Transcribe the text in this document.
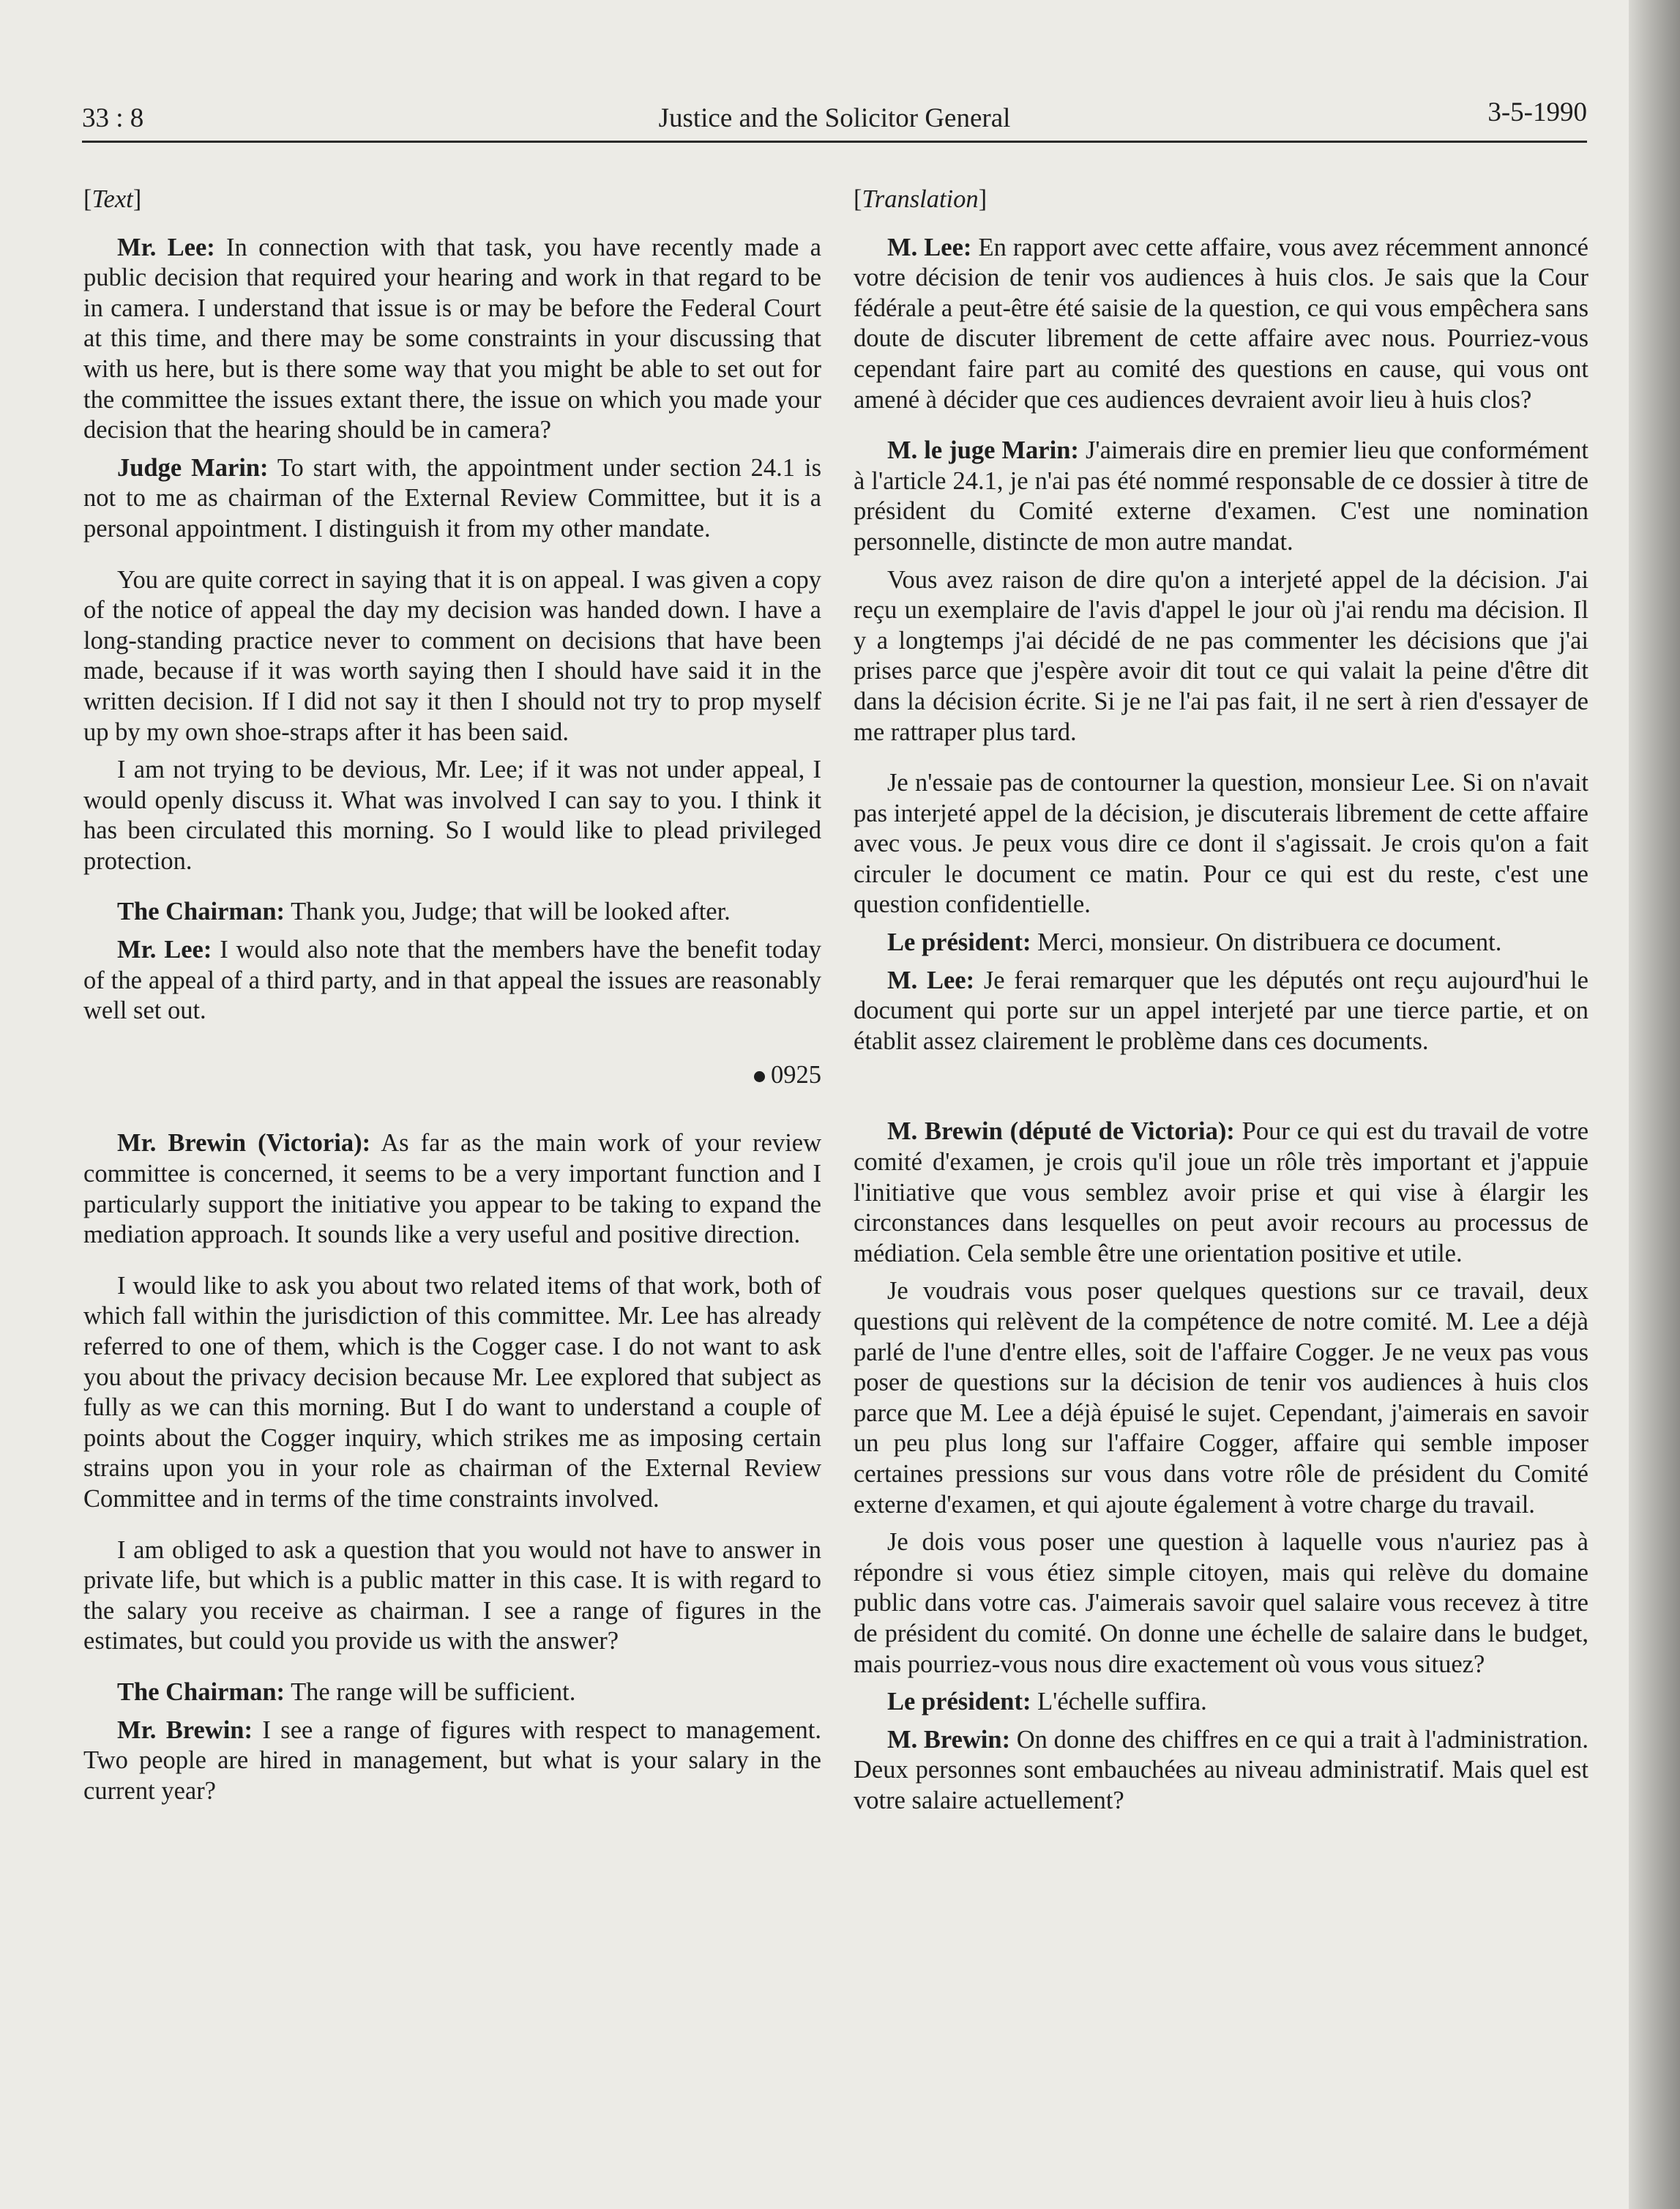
33 : 8	Justice and the Solicitor General	3-5-1990
[Text]

Mr. Lee: In connection with that task, you have recently made a public decision that required your hearing and work in that regard to be in camera. I understand that issue is or may be before the Federal Court at this time, and there may be some constraints in your discussing that with us here, but is there some way that you might be able to set out for the committee the issues extant there, the issue on which you made your decision that the hearing should be in camera?

Judge Marin: To start with, the appointment under section 24.1 is not to me as chairman of the External Review Committee, but it is a personal appointment. I distinguish it from my other mandate.

You are quite correct in saying that it is on appeal. I was given a copy of the notice of appeal the day my decision was handed down. I have a long-standing practice never to comment on decisions that have been made, because if it was worth saying then I should have said it in the written decision. If I did not say it then I should not try to prop myself up by my own shoe-straps after it has been said.

I am not trying to be devious, Mr. Lee; if it was not under appeal, I would openly discuss it. What was involved I can say to you. I think it has been circulated this morning. So I would like to plead privileged protection.

The Chairman: Thank you, Judge; that will be looked after.

Mr. Lee: I would also note that the members have the benefit today of the appeal of a third party, and in that appeal the issues are reasonably well set out.

0925

Mr. Brewin (Victoria): As far as the main work of your review committee is concerned, it seems to be a very important function and I particularly support the initiative you appear to be taking to expand the mediation approach. It sounds like a very useful and positive direction.

I would like to ask you about two related items of that work, both of which fall within the jurisdiction of this committee. Mr. Lee has already referred to one of them, which is the Cogger case. I do not want to ask you about the privacy decision because Mr. Lee explored that subject as fully as we can this morning. But I do want to understand a couple of points about the Cogger inquiry, which strikes me as imposing certain strains upon you in your role as chairman of the External Review Committee and in terms of the time constraints involved.

I am obliged to ask a question that you would not have to answer in private life, but which is a public matter in this case. It is with regard to the salary you receive as chairman. I see a range of figures in the estimates, but could you provide us with the answer?

The Chairman: The range will be sufficient.

Mr. Brewin: I see a range of figures with respect to management. Two people are hired in management, but what is your salary in the current year?

[Translation]

M. Lee: En rapport avec cette affaire, vous avez récemment annoncé votre décision de tenir vos audiences à huis clos. Je sais que la Cour fédérale a peut-être été saisie de la question, ce qui vous empêchera sans doute de discuter librement de cette affaire avec nous. Pourriez-vous cependant faire part au comité des questions en cause, qui vous ont amené à décider que ces audiences devraient avoir lieu à huis clos?

M. le juge Marin: J'aimerais dire en premier lieu que conformément à l'article 24.1, je n'ai pas été nommé responsable de ce dossier à titre de président du Comité externe d'examen. C'est une nomination personnelle, distincte de mon autre mandat.

Vous avez raison de dire qu'on a interjeté appel de la décision. J'ai reçu un exemplaire de l'avis d'appel le jour où j'ai rendu ma décision. Il y a longtemps j'ai décidé de ne pas commenter les décisions que j'ai prises parce que j'espère avoir dit tout ce qui valait la peine d'être dit dans la décision écrite. Si je ne l'ai pas fait, il ne sert à rien d'essayer de me rattraper plus tard.

Je n'essaie pas de contourner la question, monsieur Lee. Si on n'avait pas interjeté appel de la décision, je discuterais librement de cette affaire avec vous. Je peux vous dire ce dont il s'agissait. Je crois qu'on a fait circuler le document ce matin. Pour ce qui est du reste, c'est une question confidentielle.

Le président: Merci, monsieur. On distribuera ce document.

M. Lee: Je ferai remarquer que les députés ont reçu aujourd'hui le document qui porte sur un appel interjeté par une tierce partie, et on établit assez clairement le problème dans ces documents.

M. Brewin (député de Victoria): Pour ce qui est du travail de votre comité d'examen, je crois qu'il joue un rôle très important et j'appuie l'initiative que vous semblez avoir prise et qui vise à élargir les circonstances dans lesquelles on peut avoir recours au processus de médiation. Cela semble être une orientation positive et utile.

Je voudrais vous poser quelques questions sur ce travail, deux questions qui relèvent de la compétence de notre comité. M. Lee a déjà parlé de l'une d'entre elles, soit de l'affaire Cogger. Je ne veux pas vous poser de questions sur la décision de tenir vos audiences à huis clos parce que M. Lee a déjà épuisé le sujet. Cependant, j'aimerais en savoir un peu plus long sur l'affaire Cogger, affaire qui semble imposer certaines pressions sur vous dans votre rôle de président du Comité externe d'examen, et qui ajoute également à votre charge du travail.

Je dois vous poser une question à laquelle vous n'auriez pas à répondre si vous étiez simple citoyen, mais qui relève du domaine public dans votre cas. J'aimerais savoir quel salaire vous recevez à titre de président du comité. On donne une échelle de salaire dans le budget, mais pourriez-vous nous dire exactement où vous vous situez?

Le président: L'échelle suffira.

M. Brewin: On donne des chiffres en ce qui a trait à l'administration. Deux personnes sont embauchées au niveau administratif. Mais quel est votre salaire actuellement?
